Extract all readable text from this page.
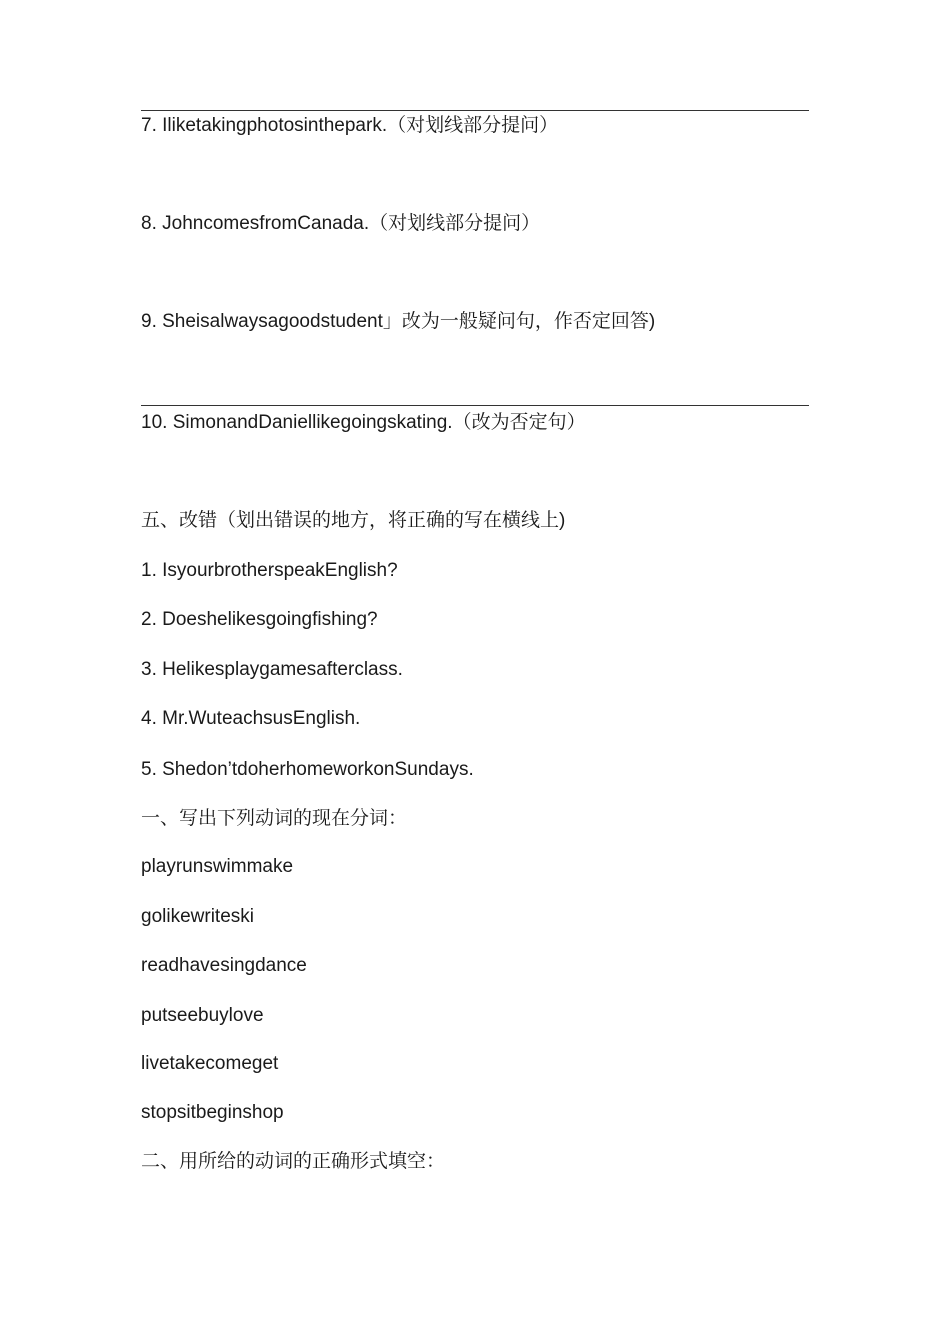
7. Iliketakingphotosinthepark.（对划线部分提问）
8. JohncomesfromCanada.（对划线部分提问）
9. Sheisalwaysagoodstudent」改为一般疑问句，作否定回答)
10. SimonandDaniellikegoingskating.（改为否定句）
五、改错（划出错误的地方，将正确的写在横线上)
1. IsyourbrotherspeakEnglish?
2. Doeshelikesgoingfishing?
3. Helikesplaygamesafterclass.
4. Mr.WuteachsusEnglish.
5. Shedon’tdoherhomeworkonSundays.
一、写出下列动词的现在分词：
playrunswimmake
golikewriteski
readhavesingdance
putseebuylove
livetakecomeget
stopsitbeginshop
二、用所给的动词的正确形式填空：
